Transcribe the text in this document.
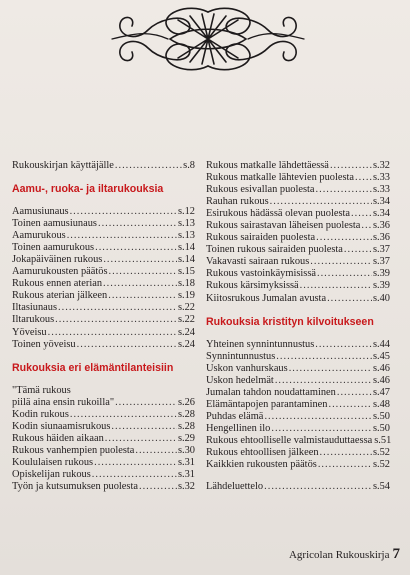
Rukouskirjan käyttäjälle .....	s.8
Aamu-, ruoka- ja iltarukouksia
Aamusiunaus .....	s.12
Toinen aamusiunaus .....	s.13
Aamurukous .....	s.13
Toinen aamurukous .....	s.14
Jokapäiväinen rukous .....	s.14
Aamurukousten päätös .....	s.15
Rukous ennen aterian .....	s.18
Rukous aterian jälkeen .....	s.19
Iltasiunaus .....	s.22
Iltarukous .....	s.22
Yöveisu .....	s.24
Toinen yöveisu .....	s.24
Rukouksia eri elämäntilanteisiin
"Tämä rukous
piilä aina ensin rukoilla" .....	s.26
Kodin rukous .....	s.28
Kodin siunaamisrukous .....	s.28
Rukous häiden aikaan .....	s.29
Rukous vanhempien puolesta .....	s.30
Koululaisen rukous .....	s.31
Opiskelijan rukous .....	s.31
Työn ja kutsumuksen puolesta .....	s.32
Rukous matkalle lähdettäessä .....	s.32
Rukous matkalle lähtevien puolesta ..... s.33
Rukous esivallan puolesta .....	s.33
Rauhan rukous .....	s.34
Esirukous hädässä olevan puolesta ..... s.34
Rukous sairastavan läheisen puolesta ..... s.36
Rukous sairaiden puolesta .....	s.36
Toinen rukous sairaiden puolesta .....	s.37
Vakavasti sairaan rukous .....	s.37
Rukous vastoinkäymisissä .....	s.39
Rukous kärsimyksissä .....	s.39
Kiitosrukous Jumalan avusta .....	s.40
Rukouksia kristityn kilvoitukseen
Yhteinen synnintunnustus .....	s.44
Synnintunnustus .....	s.45
Uskon vanhurskaus .....	s.46
Uskon hedelmät .....	s.46
Jumalan tahdon noudattaminen .....	s.47
Elämäntapojen parantaminen .....	s.48
Puhdas elämä .....	s.50
Hengellinen ilo .....	s.50
Rukous ehtoolliselle valmistauduttaessa s.51
Rukous ehtoollisen jälkeen .....	s.52
Kaikkien rukousten päätös .....	s.52
Lähdeluettelo .....	s.54
Agricolan Rukouskirja 7
